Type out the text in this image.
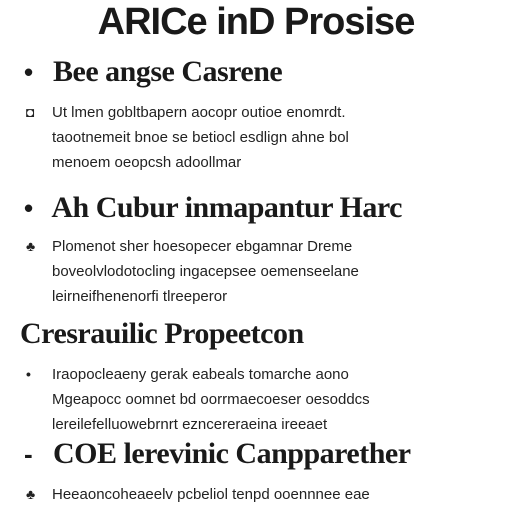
ARICe inD Prosise
• Bee angse Casrene
◘ Ut lmen gobltbapern aocopr outioe enomrdt.
taootnemeit bnoe se betiocl esdlign ahne bol
menoem oeopcsh adoollmar
• Ah Cubur inmapantur Harc
♣ Plomenot sher hoesopecer ebgamnar Dreme
boveolvlodotocling ingacepsee oemenseelane
leirneifhenenorfi tlreeperor
Cresrauilic Propeetcon
• Iraopocleaeny gerak eabeals tomarche aono
Mgeapocc oomnet bd oorrmaecoeser oesoddcs
lereilefelluowebrnrt ezncereraeina ireeaet
- COE lerevinic Canpparether
♣ Heeaoncoheaeelv pcbeliol tenpd ooennnee eae
